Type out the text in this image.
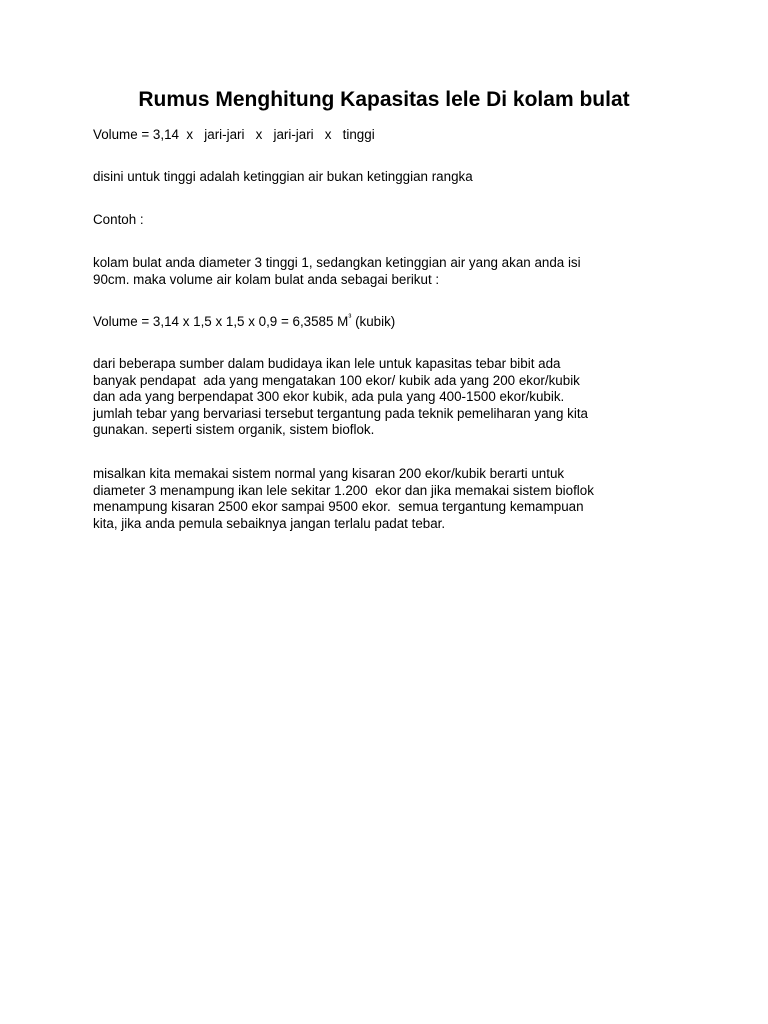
Rumus Menghitung Kapasitas lele Di kolam bulat

Volume = 3,14  x   jari-jari   x   jari-jari   x   tinggi

disini untuk tinggi adalah ketinggian air bukan ketinggian rangka

Contoh :

kolam bulat anda diameter 3 tinggi 1, sedangkan ketinggian air yang akan anda isi
90cm. maka volume air kolam bulat anda sebagai berikut :

Volume = 3,14 x 1,5 x 1,5 x 0,9 = 6,3585 $M^{^3}$ (kubik)

dari beberapa sumber dalam budidaya ikan lele untuk kapasitas tebar bibit ada
banyak pendapat  ada yang mengatakan 100 ekor/ kubik ada yang 200 ekor/kubik
dan ada yang berpendapat 300 ekor kubik, ada pula yang 400-1500 ekor/kubik.
jumlah tebar yang bervariasi tersebut tergantung pada teknik pemeliharan yang kita
gunakan. seperti sistem organik, sistem bioflok.

misalkan kita memakai sistem normal yang kisaran 200 ekor/kubik berarti untuk
diameter 3 menampung ikan lele sekitar 1.200  ekor dan jika memakai sistem bioflok
menampung kisaran 2500 ekor sampai 9500 ekor.  semua tergantung kemampuan
kita, jika anda pemula sebaiknya jangan terlalu padat tebar.
